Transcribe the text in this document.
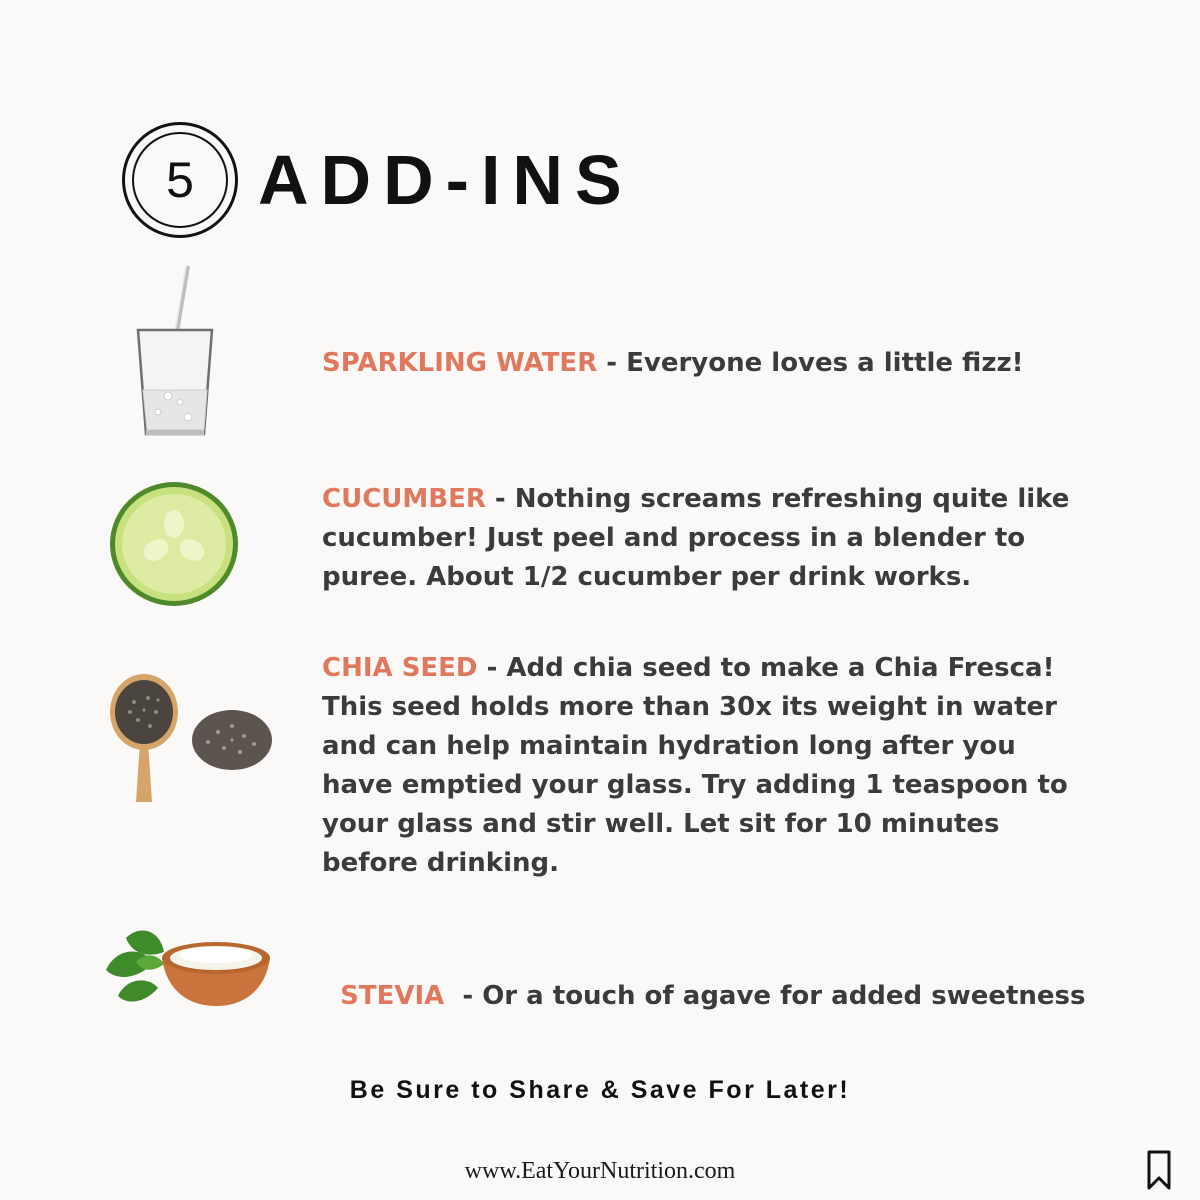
5 ADD-INS
SPARKLING WATER - Everyone loves a little fizz!
CUCUMBER - Nothing screams refreshing quite like cucumber! Just peel and process in a blender to puree. About 1/2 cucumber per drink works.
CHIA SEED - Add chia seed to make a Chia Fresca! This seed holds more than 30x its weight in water and can help maintain hydration long after you have emptied your glass. Try adding 1 teaspoon to your glass and stir well. Let sit for 10 minutes before drinking.

STEVIA  - Or a touch of agave for added sweetness

Be Sure to Share & Save For Later!
www.EatYourNutrition.com
